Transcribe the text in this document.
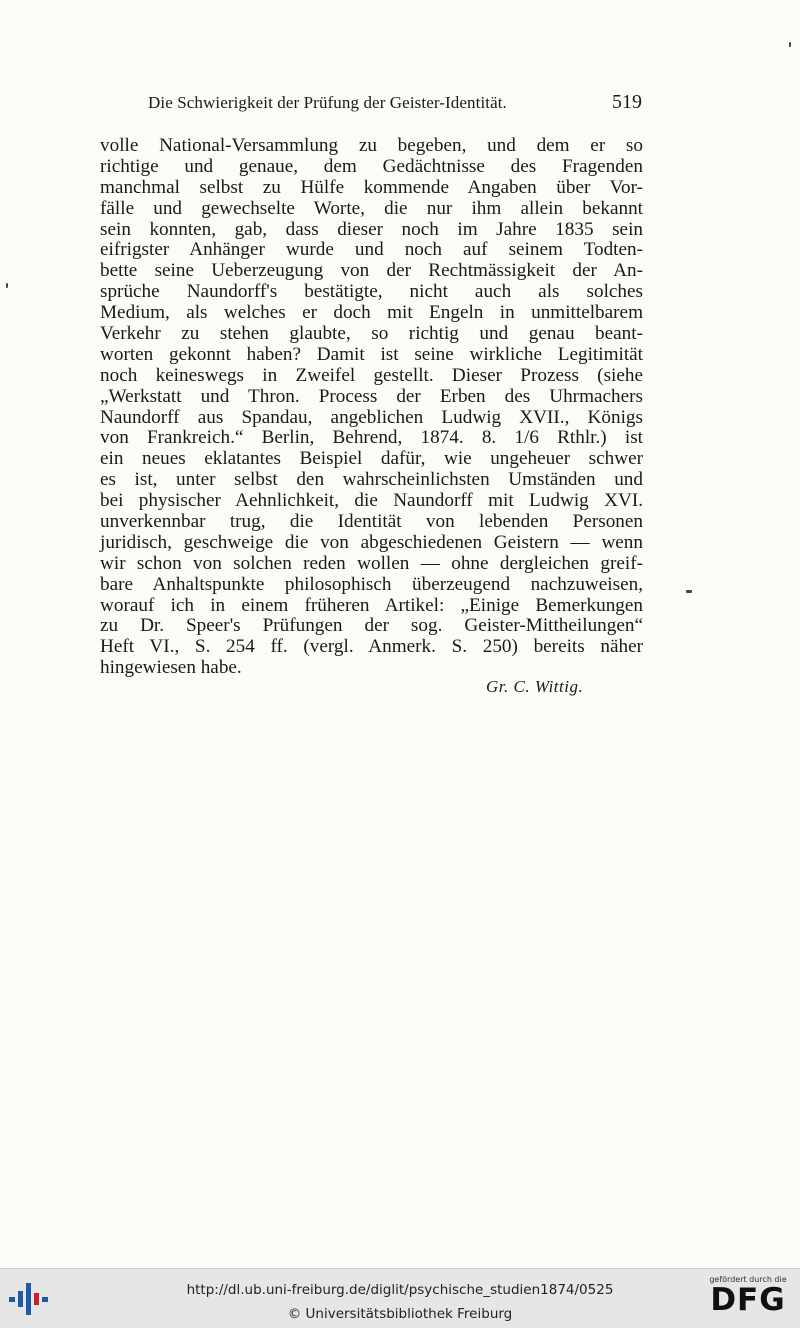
Die Schwierigkeit der Prüfung der Geister-Identität.	519
volle National-Versammlung zu begeben, und dem er so
richtige und genaue, dem Gedächtnisse des Fragenden
manchmal selbst zu Hülfe kommende Angaben über Vor-
fälle und gewechselte Worte, die nur ihm allein bekannt
sein konnten, gab, dass dieser noch im Jahre 1835 sein
eifrigster Anhänger wurde und noch auf seinem Todten-
bette seine Ueberzeugung von der Rechtmässigkeit der An-
sprüche Naundorff's bestätigte, nicht auch als solches
Medium, als welches er doch mit Engeln in unmittelbarem
Verkehr zu stehen glaubte, so richtig und genau beant-
worten gekonnt haben? Damit ist seine wirkliche Legitimität
noch keineswegs in Zweifel gestellt. Dieser Prozess (siehe
„Werkstatt und Thron. Process der Erben des Uhrmachers
Naundorff aus Spandau, angeblichen Ludwig XVII., Königs
von Frankreich.“ Berlin, Behrend, 1874. 8. 1/6 Rthlr.) ist
ein neues eklatantes Beispiel dafür, wie ungeheuer schwer
es ist, unter selbst den wahrscheinlichsten Umständen und
bei physischer Aehnlichkeit, die Naundorff mit Ludwig XVI.
unverkennbar trug, die Identität von lebenden Personen
juridisch, geschweige die von abgeschiedenen Geistern — wenn
wir schon von solchen reden wollen — ohne dergleichen greif-
bare Anhaltspunkte philosophisch überzeugend nachzuweisen,
worauf ich in einem früheren Artikel: „Einige Bemerkungen
zu Dr. Speer's Prüfungen der sog. Geister-Mittheilungen“
Heft VI., S. 254 ff. (vergl. Anmerk. S. 250) bereits näher
hingewiesen habe.
Gr. C. Wittig.
http://dl.ub.uni-freiburg.de/diglit/psychische_studien1874/0525
© Universitätsbibliothek Freiburg
gefördert durch die
DFG
